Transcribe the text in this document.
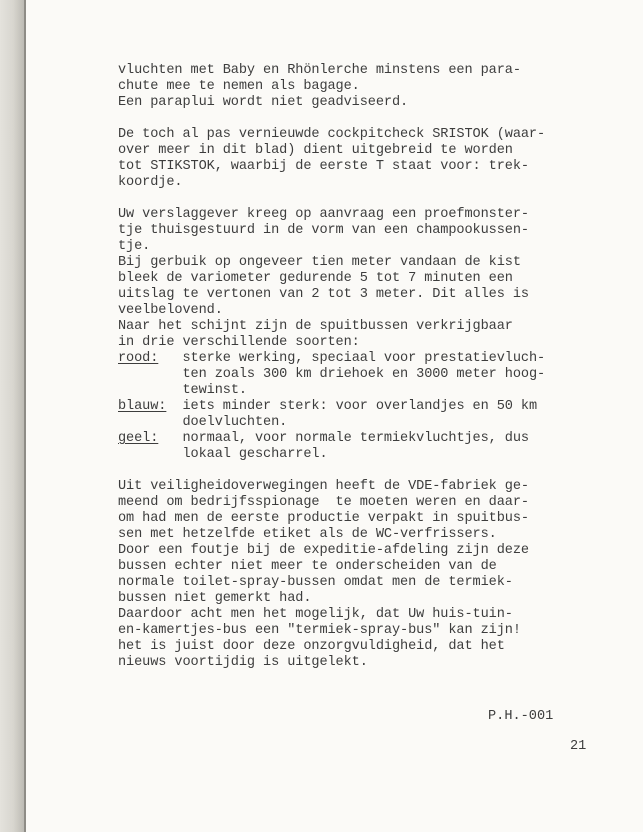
vluchten met Baby en Rhönlerche minstens een para-
chute mee te nemen als bagage.
Een paraplui wordt niet geadviseerd.
De toch al pas vernieuwde cockpitcheck SRISTOK (waar-
over meer in dit blad) dient uitgebreid te worden
tot STIKSTOK, waarbij de eerste T staat voor: trek-
koordje.
Uw verslaggever kreeg op aanvraag een proefmonster-
tje thuisgestuurd in de vorm van een champookussen-
tje.
Bij gerbuik op ongeveer tien meter vandaan de kist
bleek de variometer gedurende 5 tot 7 minuten een
uitslag te vertonen van 2 tot 3 meter. Dit alles is
veelbelovend.
Naar het schijnt zijn de spuitbussen verkrijgbaar
in drie verschillende soorten:
rood: sterke werking, speciaal voor prestatievluch-
ten zoals 300 km driehoek en 3000 meter hoog-
tewinst.
blauw: iets minder sterk: voor overlandjes en 50 km
doelvluchten.
geel: normaal, voor normale termiekvluchtjes, dus
lokaal gescharrel.
Uit veiligheidoverwegingen heeft de VDE-fabriek ge-
meend om bedrijfsspionage  te moeten weren en daar-
om had men de eerste productie verpakt in spuitbus-
sen met hetzelfde etiket als de WC-verfrissers.
Door een foutje bij de expeditie-afdeling zijn deze
bussen echter niet meer te onderscheiden van de
normale toilet-spray-bussen omdat men de termiek-
bussen niet gemerkt had.
Daardoor acht men het mogelijk, dat Uw huis-tuin-
en-kamertjes-bus een "termiek-spray-bus" kan zijn!
het is juist door deze onzorgvuldigheid, dat het
nieuws voortijdig is uitgelekt.
P.H.-001
21
